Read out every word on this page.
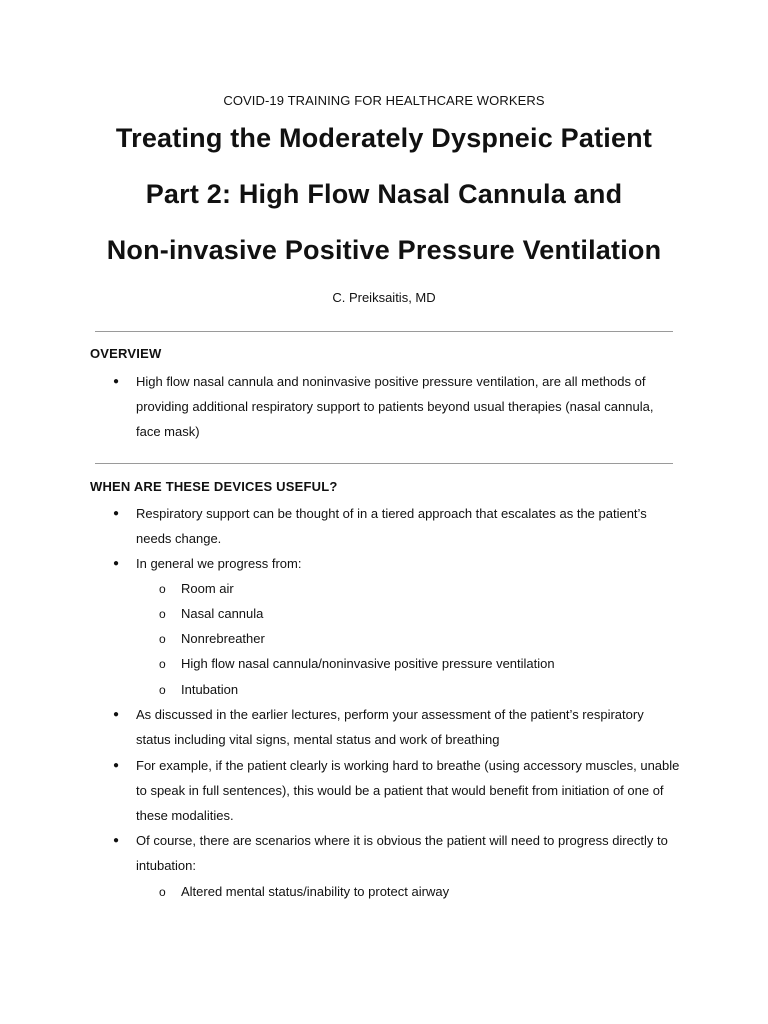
COVID-19 TRAINING FOR HEALTHCARE WORKERS
Treating the Moderately Dyspneic Patient
Part 2: High Flow Nasal Cannula and
Non-invasive Positive Pressure Ventilation
C. Preiksaitis, MD
OVERVIEW
● High flow nasal cannula and noninvasive positive pressure ventilation, are all methods of
providing additional respiratory support to patients beyond usual therapies (nasal cannula,
face mask)
WHEN ARE THESE DEVICES USEFUL?
● Respiratory support can be thought of in a tiered approach that escalates as the patient’s
needs change.
● In general we progress from:
o Room air
o Nasal cannula
o Nonrebreather
o High flow nasal cannula/noninvasive positive pressure ventilation
o Intubation
● As discussed in the earlier lectures, perform your assessment of the patient’s respiratory
status including vital signs, mental status and work of breathing
● For example, if the patient clearly is working hard to breathe (using accessory muscles, unable
to speak in full sentences), this would be a patient that would benefit from initiation of one of
these modalities.
● Of course, there are scenarios where it is obvious the patient will need to progress directly to
intubation:
o Altered mental status/inability to protect airway
